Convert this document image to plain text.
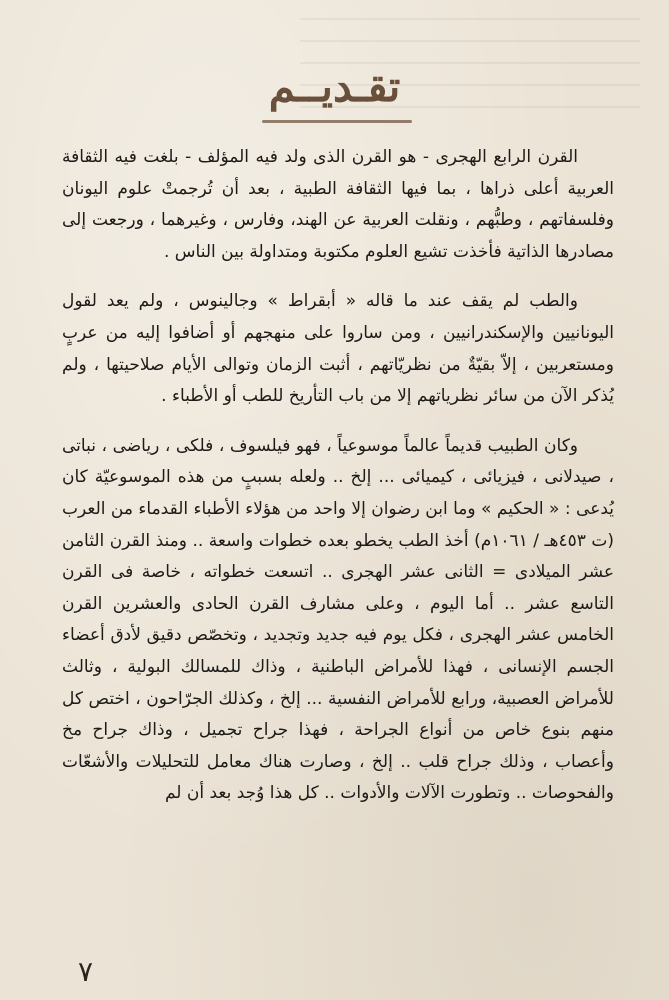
تقـديــم

القرن الرابع الهجرى - هو القرن الذى ولد فيه المؤلف - بلغت فيه الثقافة العربية أعلى ذراها ، بما فيها الثقافة الطبية ، بعد أن تُرجمتْ علوم اليونان وفلسفاتهم ، وطبُّهم ، ونقلت العربية عن الهند، وفارس ، وغيرهما ، ورجعت إلى مصادرها الذاتية فأخذت تشيع العلوم مكتوبة ومتداولة بين الناس .

والطب لم يقف عند ما قاله « أبقراط » وجالينوس ، ولم يعد لقول اليونانيين والإسكندرانيين ، ومن ساروا على منهجهم أو أضافوا إليه من عربٍ ومستعربين ، إلاّ بقيّةٌ من نظريّاتهم ، أثبت الزمان وتوالى الأيام صلاحيتها ، ولم يُذكر الآن من سائر نظرياتهم إلا من باب التأريخ للطب أو الأطباء .

وكان الطبيب قديماً عالماً موسوعياً ، فهو فيلسوف ، فلكى ، رياضى ، نباتى ، صيدلانى ، فيزيائى ، كيميائى ... إلخ .. ولعله بسببٍ من هذه الموسوعيّة كان يُدعى : « الحكيم » وما ابن رضوان إلا واحد من هؤلاء الأطباء القدماء من العرب (ت ٤٥٣هـ / ١٠٦١م) أخذ الطب يخطو بعده خطوات واسعة .. ومنذ القرن الثامن عشر الميلادى = الثانى عشر الهجرى .. اتسعت خطواته ، خاصة فى القرن التاسع عشر .. أما اليوم ، وعلى مشارف القرن الحادى والعشرين القرن الخامس عشر الهجرى ، فكل يوم فيه جديد وتجديد ، وتخصّص دقيق لأدق أعضاء الجسم الإنسانى ، فهذا للأمراض الباطنية ، وذاك للمسالك البولية ، وثالث للأمراض العصبية، ورابع للأمراض النفسية ... إلخ ، وكذلك الجرّاحون ، اختص كل منهم بنوع خاص من أنواع الجراحة ، فهذا جراح تجميل ، وذاك جراح مخ وأعصاب ، وذلك جراح قلب .. إلخ ، وصارت هناك معامل للتحليلات والأشعّات والفحوصات .. وتطورت الآلات والأدوات .. كل هذا وُجد بعد أن لم

٧
